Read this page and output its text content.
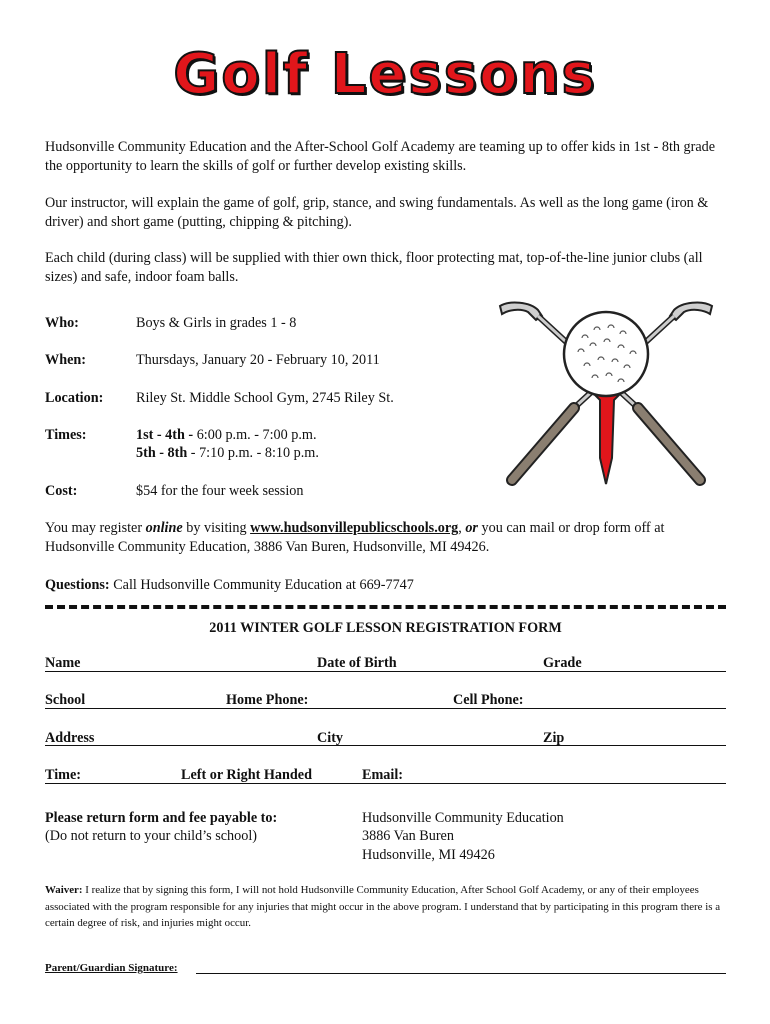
Golf Lessons
Hudsonville Community Education and the After-School Golf Academy are teaming up to offer kids in 1st - 8th grade the opportunity to learn the skills of golf or further develop existing skills.
Our instructor, will explain the game of golf, grip, stance, and swing fundamentals. As well as the long game (iron & driver) and short game (putting, chipping & pitching).
Each child (during class) will be supplied with thier own thick, floor protecting mat, top-of-the-line junior clubs (all sizes) and safe, indoor foam balls.
Who:	Boys & Girls in grades 1 - 8
When:	Thursdays, January 20 - February 10, 2011
Location: Riley St. Middle School Gym, 2745 Riley St.
Times:	1st - 4th - 6:00 p.m. - 7:00 p.m.
5th - 8th - 7:10 p.m. - 8:10 p.m.
Cost:	$54 for the four week session
You may register online by visiting www.hudsonvillepublicschools.org, or you can mail or drop form off at Hudsonville Community Education, 3886 Van Buren, Hudsonville, MI 49426.
Questions: Call Hudsonville Community Education at 669-7747
2011 WINTER GOLF LESSON REGISTRATION FORM
Name	Date of Birth	Grade
School	Home Phone:	Cell Phone:
Address	City	Zip
Time:	Left or Right Handed	Email:
Please return form and fee payable to:
(Do not return to your child’s school)
Hudsonville Community Education
3886 Van Buren
Hudsonville, MI 49426
Waiver: I realize that by signing this form, I will not hold Hudsonville Community Education, After School Golf Academy, or any of their employees associated with the program responsible for any injuries that might occur in the above program. I understand that by participating in this program there is a certain degree of risk, and injuries might occur.
Parent/Guardian Signature:
